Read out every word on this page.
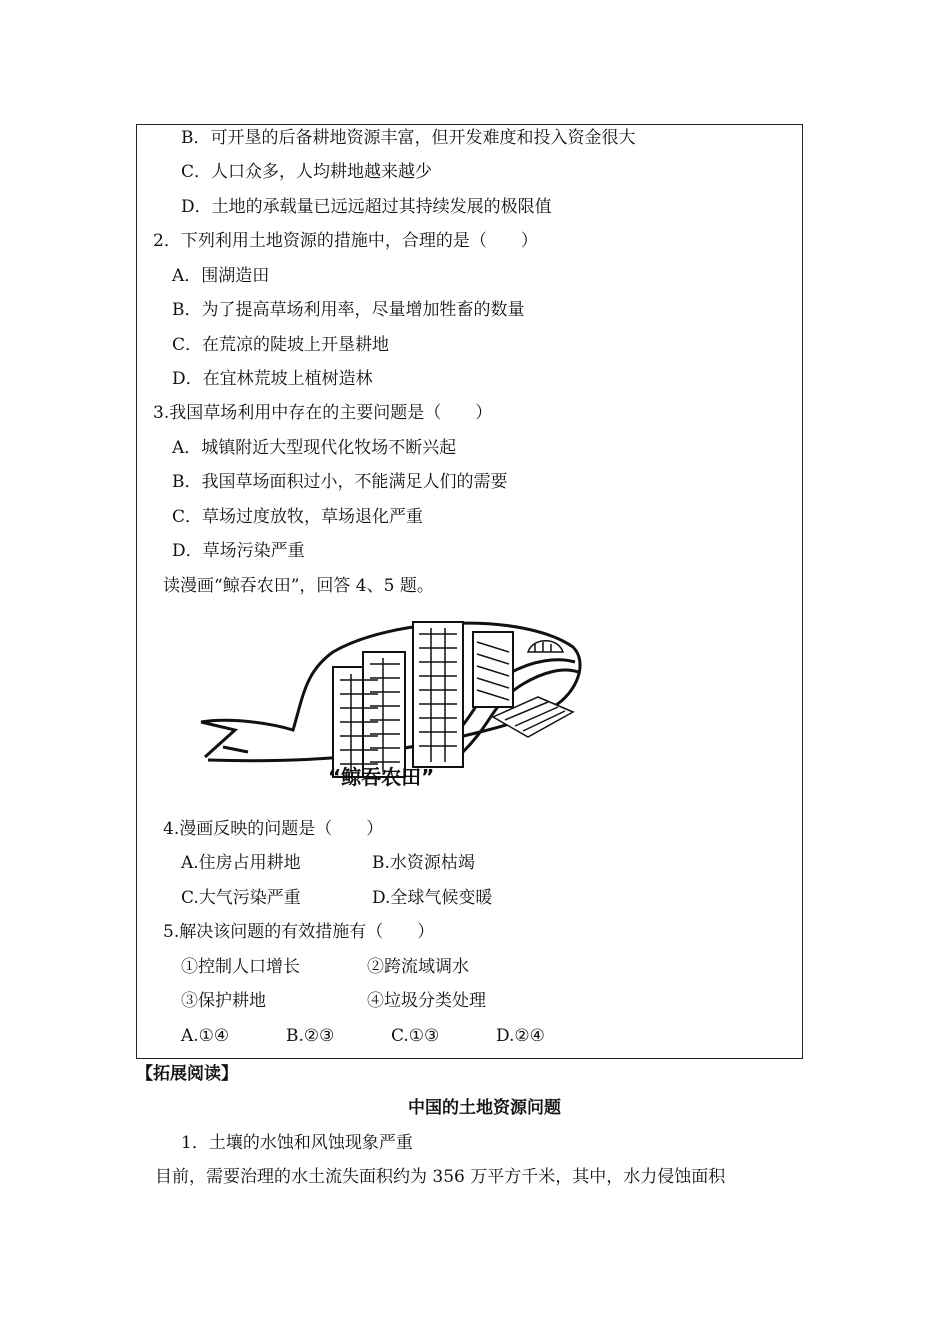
B．可开垦的后备耕地资源丰富，但开发难度和投入资金很大
C．人口众多，人均耕地越来越少
D．土地的承载量已远远超过其持续发展的极限值
2．下列利用土地资源的措施中，合理的是（　　）
A．围湖造田
B．为了提高草场利用率，尽量增加牲畜的数量
C．在荒凉的陡坡上开垦耕地
D．在宜林荒坡上植树造林
3.我国草场利用中存在的主要问题是（　　）
A．城镇附近大型现代化牧场不断兴起
B．我国草场面积过小，不能满足人们的需要
C．草场过度放牧，草场退化严重
D．草场污染严重
读漫画“鲸吞农田”，回答 4、5 题。
“鲸吞农田”
4.漫画反映的问题是（　　）
A.住房占用耕地	B.水资源枯竭
C.大气污染严重	D.全球气候变暖
5.解决该问题的有效措施有（　　）
①控制人口增长	②跨流域调水
③保护耕地	④垃圾分类处理
A.①④	B.②③	C.①③	D.②④
【拓展阅读】
中国的土地资源问题
1．土壤的水蚀和风蚀现象严重
目前，需要治理的水土流失面积约为 356 万平方千米，其中，水力侵蚀面积
